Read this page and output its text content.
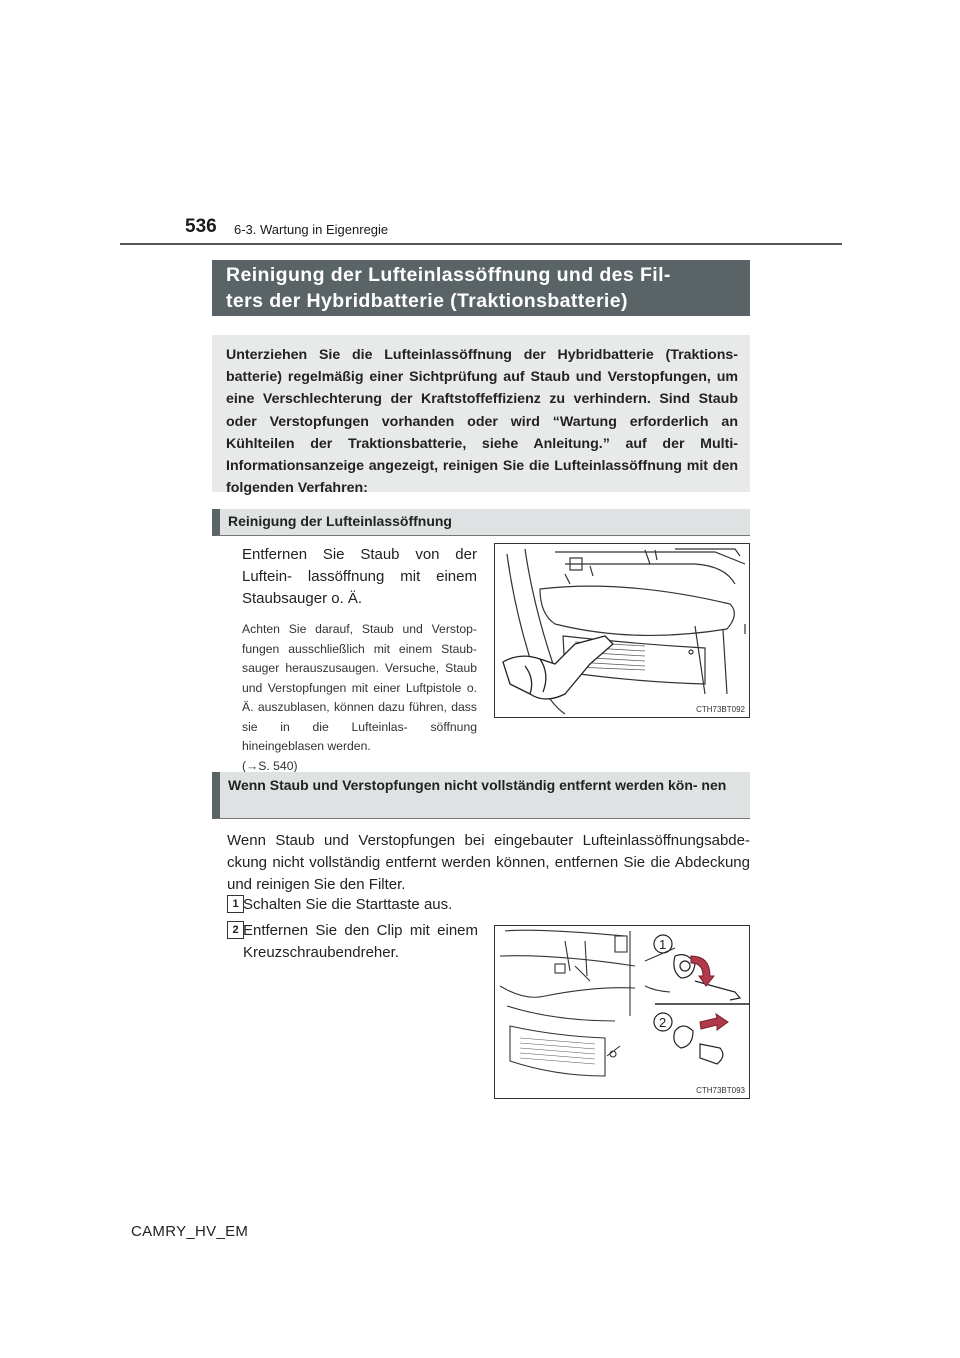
536 6-3. Wartung in Eigenregie
Reinigung der Lufteinlassöffnung und des Fil-
ters der Hybridbatterie (Traktionsbatterie)
Unterziehen Sie die Lufteinlassöffnung der Hybridbatterie (Traktions- batterie) regelmäßig einer Sichtprüfung auf Staub und Verstopfungen, um eine Verschlechterung der Kraftstoffeffizienz zu verhindern. Sind Staub oder Verstopfungen vorhanden oder wird “Wartung erforderlich an Kühlteilen der Traktionsbatterie, siehe Anleitung.” auf der Multi- Informationsanzeige angezeigt, reinigen Sie die Lufteinlassöffnung mit den folgenden Verfahren:
Reinigung der Lufteinlassöffnung
Entfernen Sie Staub von der Luftein- lassöffnung mit einem Staubsauger o. Ä.
Achten Sie darauf, Staub und Verstop- fungen ausschließlich mit einem Staub- sauger herauszusaugen. Versuche, Staub und Verstopfungen mit einer Luftpistole o. Ä. auszublasen, können dazu führen, dass sie in die Lufteinlas- söffnung hineingeblasen werden.
(→S. 540)
CTH73BT092
Wenn Staub und Verstopfungen nicht vollständig entfernt werden kön- nen
Wenn Staub und Verstopfungen bei eingebauter Lufteinlassöffnungsabde- ckung nicht vollständig entfernt werden können, entfernen Sie die Abdeckung und reinigen Sie den Filter.
1 Schalten Sie die Starttaste aus.
2 Entfernen Sie den Clip mit einem Kreuzschraubendreher.	1
2
CTH73BT093
CAMRY_HV_EM
